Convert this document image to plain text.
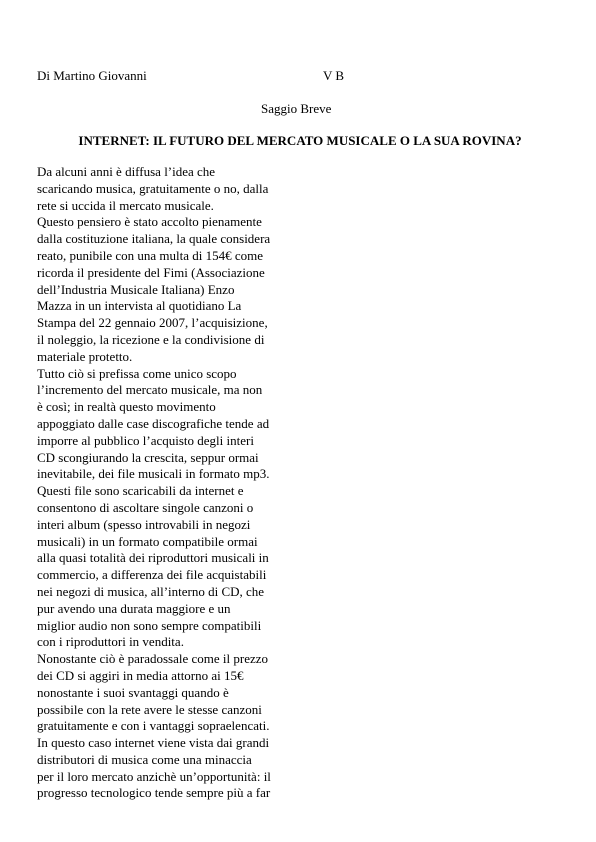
Di Martino Giovanni	V B
Saggio Breve
INTERNET: IL FUTURO DEL MERCATO MUSICALE O LA SUA ROVINA?
Da alcuni anni è diffusa l’idea che
scaricando musica, gratuitamente o no, dalla
rete si uccida il mercato musicale.
Questo pensiero è stato accolto pienamente
dalla costituzione italiana, la quale considera
reato, punibile con una multa di 154€ come
ricorda il presidente del Fimi (Associazione
dell’Industria Musicale Italiana) Enzo
Mazza in un intervista al quotidiano La
Stampa del 22 gennaio 2007, l’acquisizione,
il noleggio, la ricezione e la condivisione di
materiale protetto.
Tutto ciò si prefissa come unico scopo
l’incremento del mercato musicale, ma non
è così; in realtà questo movimento
appoggiato dalle case discografiche tende ad
imporre al pubblico l’acquisto degli interi
CD scongiurando la crescita, seppur ormai
inevitabile, dei file musicali in formato mp3.
Questi file sono scaricabili da internet e
consentono di ascoltare singole canzoni o
interi album (spesso introvabili in negozi
musicali) in un formato compatibile ormai
alla quasi totalità dei riproduttori musicali in
commercio, a differenza dei file acquistabili
nei negozi di musica, all’interno di CD, che
pur avendo una durata maggiore e un
miglior audio non sono sempre compatibili
con i riproduttori in vendita.
Nonostante ciò è paradossale come il prezzo
dei CD si aggiri in media attorno ai 15€
nonostante i suoi svantaggi quando è
possibile con la rete avere le stesse canzoni
gratuitamente e con i vantaggi sopraelencati.
In questo caso internet viene vista dai grandi
distributori di musica come una minaccia
per il loro mercato anzichè un’opportunità: il
progresso tecnologico tende sempre più a far
